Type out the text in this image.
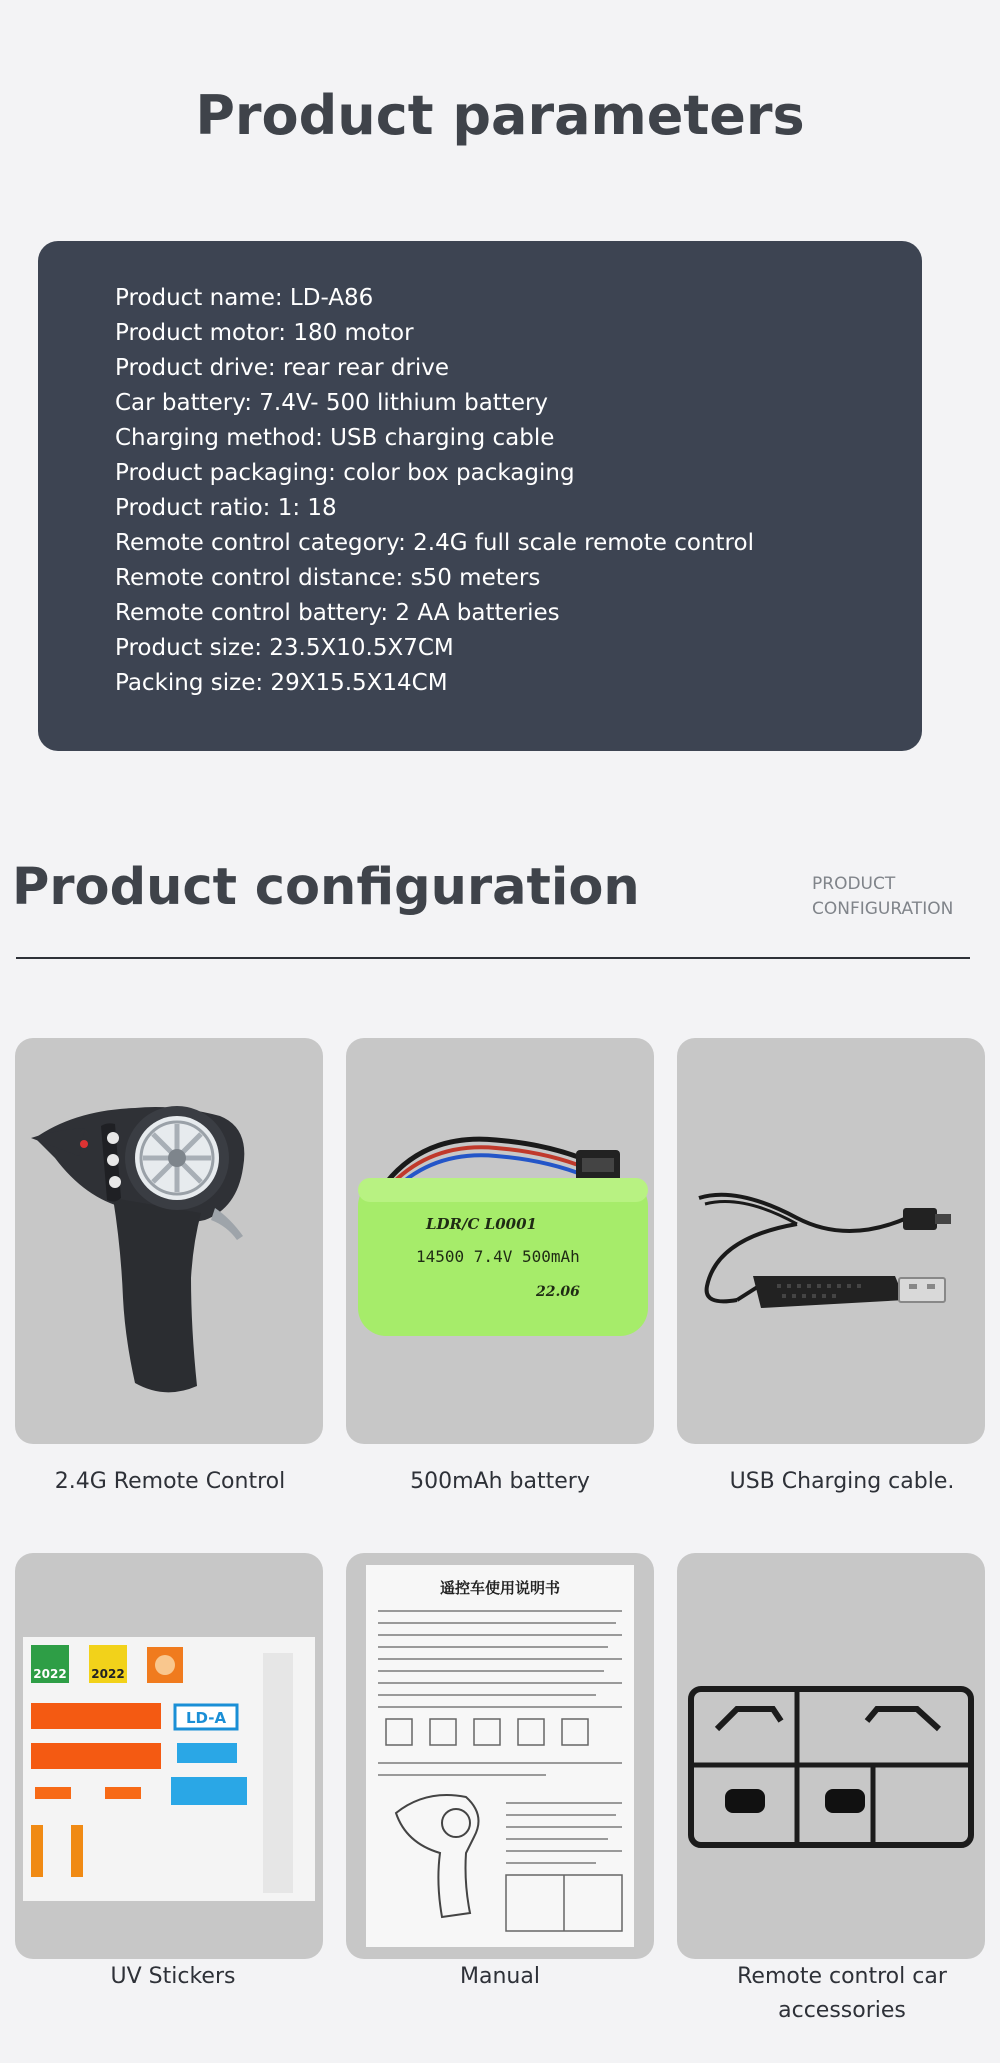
Product parameters
Product name: LD-A86
Product motor: 180 motor
Product drive: rear rear drive
Car battery: 7.4V- 500 lithium battery
Charging method: USB charging cable
Product packaging: color box packaging
Product ratio: 1: 18
Remote control category: 2.4G full scale remote control
Remote control distance: s50 meters
Remote control battery: 2 AA batteries
Product size: 23.5X10.5X7CM
Packing size: 29X15.5X14CM
Product configuration	PRODUCT
CONFIGURATION
2.4G Remote Control
LDR/C L0001
14500 7.4V 500mAh
22.06
500mAh battery	USB Charging cable.
2022 2022
LD-A
UV Stickers
遥控车使用说明书
Manual	Remote control car accessories
